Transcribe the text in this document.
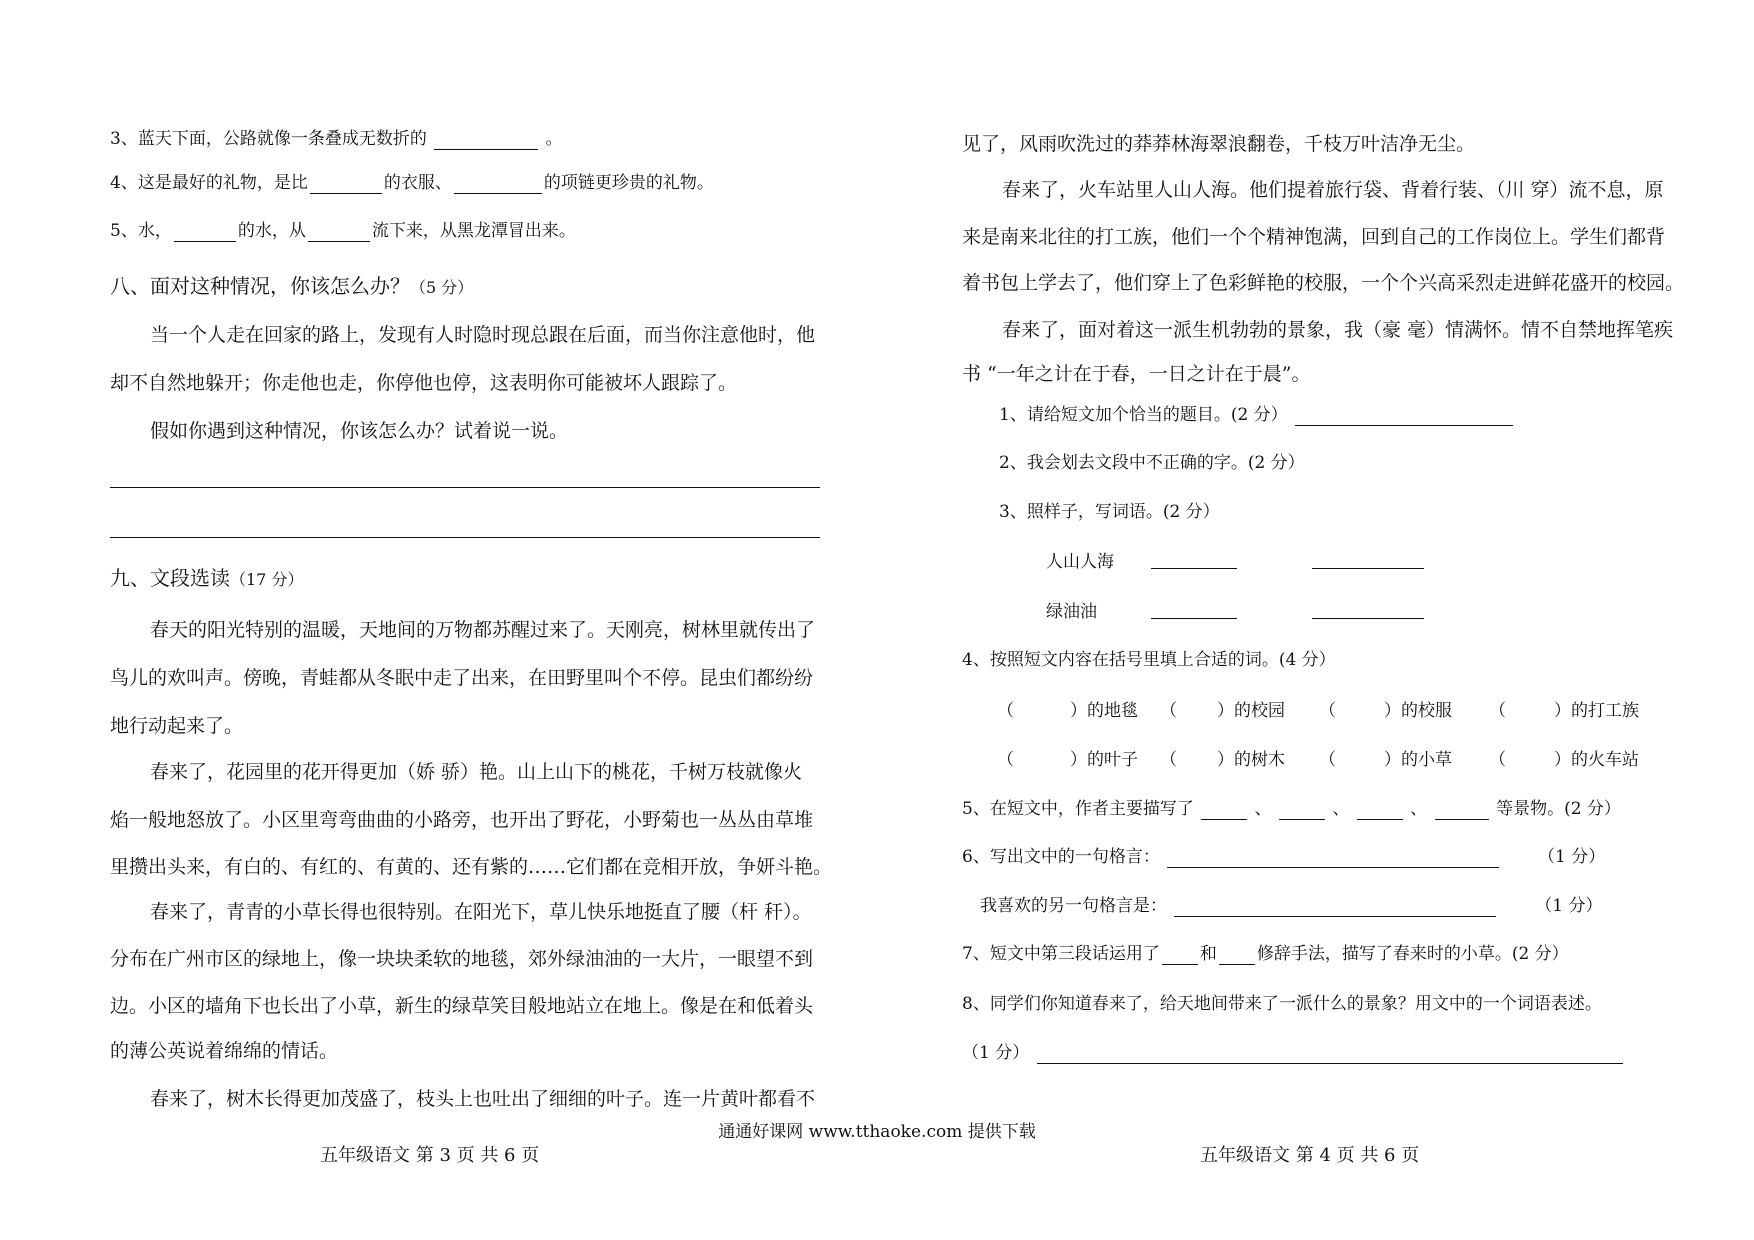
3、蓝天下面，公路就像一条叠成无数折的	。
4、这是最好的礼物，是比	的衣服、	的项链更珍贵的礼物。
5、水，	的水，从	流下来，从黑龙潭冒出来。
八、面对这种情况，你该怎么办？（5 分）
当一个人走在回家的路上，发现有人时隐时现总跟在后面，而当你注意他时，他
却不自然地躲开；你走他也走，你停他也停，这表明你可能被坏人跟踪了。
假如你遇到这种情况，你该怎么办？试着说一说。
九、文段选读（17 分）
春天的阳光特别的温暖，天地间的万物都苏醒过来了。天刚亮，树林里就传出了
鸟儿的欢叫声。傍晚，青蛙都从冬眠中走了出来，在田野里叫个不停。昆虫们都纷纷
地行动起来了。
春来了，花园里的花开得更加（娇 骄）艳。山上山下的桃花，千树万枝就像火
焰一般地怒放了。小区里弯弯曲曲的小路旁，也开出了野花，小野菊也一丛丛由草堆
里攒出头来，有白的、有红的、有黄的、还有紫的……它们都在竞相开放，争妍斗艳。
春来了，青青的小草长得也很特别。在阳光下，草儿快乐地挺直了腰（杆 秆）。
分布在广州市区的绿地上，像一块块柔软的地毯，郊外绿油油的一大片，一眼望不到
边。小区的墙角下也长出了小草，新生的绿草笑目般地站立在地上。像是在和低着头
的薄公英说着绵绵的情话。
春来了，树木长得更加茂盛了，枝头上也吐出了细细的叶子。连一片黄叶都看不
五年级语文 第 3 页 共 6 页
见了，风雨吹洗过的莽莽林海翠浪翻卷，千枝万叶洁净无尘。
春来了，火车站里人山人海。他们提着旅行袋、背着行装、（川 穿）流不息，原
来是南来北往的打工族，他们一个个精神饱满，回到自己的工作岗位上。学生们都背
着书包上学去了，他们穿上了色彩鲜艳的校服，一个个兴高采烈走进鲜花盛开的校园。
春来了，面对着这一派生机勃勃的景象，我（豪 毫）情满怀。情不自禁地挥笔疾
书 “一年之计在于春，一日之计在于晨”。
1、请给短文加个恰当的题目。(2 分）
2、我会划去文段中不正确的字。(2 分）
3、照样子，写词语。(2 分）
人山人海
绿油油
4、按照短文内容在括号里填上合适的词。(4 分）
（	）的地毯 （ ）的校园 （	）的校服 （	）的打工族
（	）的叶子 （ ）的树木 （	）的小草 （	）的火车站
5、在短文中，作者主要描写了	、	、	、	等景物。(2 分）
6、写出文中的一句格言：	（1 分）
我喜欢的另一句格言是：	（1 分）
7、短文中第三段话运用了 和 修辞手法，描写了春来时的小草。(2 分）
8、同学们你知道春来了，给天地间带来了一派什么的景象？用文中的一个词语表述。
（1 分）
五年级语文 第 4 页 共 6 页
通通好课网 www.tthaoke.com 提供下载
